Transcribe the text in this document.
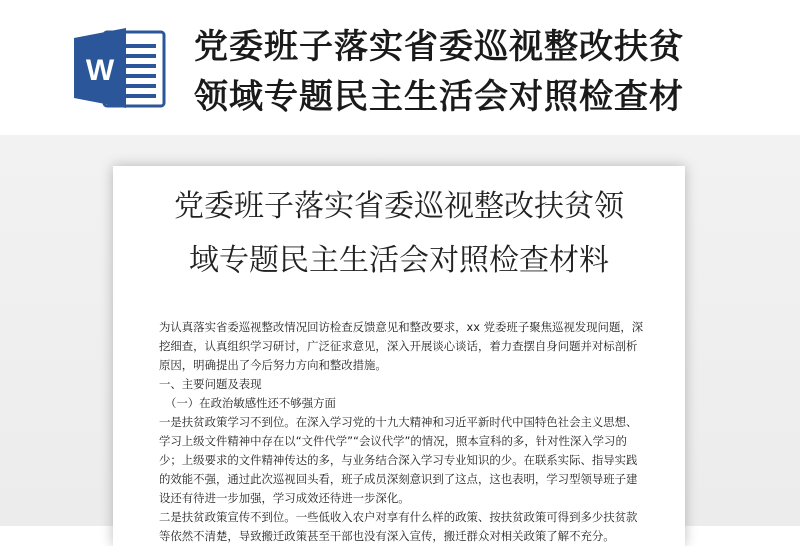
W
党委班子落实省委巡视整改扶贫
领域专题民主生活会对照检查材
党委班子落实省委巡视整改扶贫领
域专题民主生活会对照检查材料

为认真落实省委巡视整改情况回访检查反馈意见和整改要求，xx 党委班子聚焦巡视发现问题，深挖细查，认真组织学习研讨，广泛征求意见，深入开展谈心谈话，着力查摆自身问题并对标剖析原因，明确提出了今后努力方向和整改措施。

一、主要问题及表现

（一）在政治敏感性还不够强方面

一是扶贫政策学习不到位。在深入学习党的十九大精神和习近平新时代中国特色社会主义思想、学习上级文件精神中存在以“文件代学”“会议代学”的情况，照本宣科的多，针对性深入学习的少；上级要求的文件精神传达的多，与业务结合深入学习专业知识的少。在联系实际、指导实践的效能不强，通过此次巡视回头看，班子成员深刻意识到了这点，这也表明，学习型领导班子建设还有待进一步加强，学习成效还待进一步深化。

二是扶贫政策宣传不到位。一些低收入农户对享有什么样的政策、按扶贫政策可得到多少扶贫款等依然不清楚，导致搬迁政策甚至干部也没有深入宣传，搬迁群众对相关政策了解不充分。
